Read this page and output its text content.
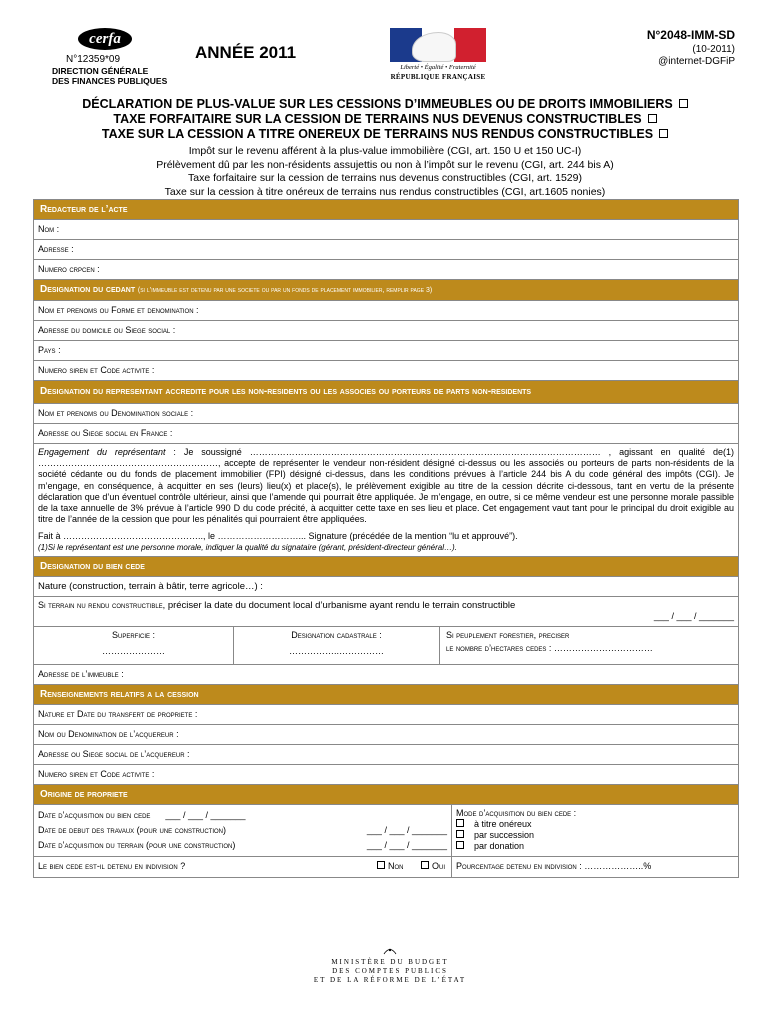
cerfa
N°12359*09
DIRECTION GÉNÉRALE
DES FINANCES PUBLIQUES
ANNÉE 2011
Liberté • Égalité • Fraternité
RÉPUBLIQUE FRANÇAISE
N°2048-IMM-SD
(10-2011)
@internet-DGFiP
DÉCLARATION DE PLUS-VALUE SUR LES CESSIONS D’IMMEUBLES OU DE DROITS IMMOBILIERS
TAXE FORFAITAIRE SUR LA CESSION DE TERRAINS NUS DEVENUS CONSTRUCTIBLES
TAXE SUR LA CESSION A TITRE ONEREUX DE TERRAINS NUS RENDUS CONSTRUCTIBLES
Impôt sur le revenu afférent à la plus-value immobilière (CGI, art. 150 U et 150 UC-I)
Prélèvement dû par les non-résidents assujettis ou non à l’impôt sur le revenu (CGI, art. 244 bis A)
Taxe forfaitaire sur la cession de terrains nus devenus constructibles (CGI, art. 1529)
Taxe sur la cession à titre onéreux de terrains nus rendus constructibles (CGI, art.1605 nonies)
Redacteur de l’acte
Nom :
Adresse :
Numero crpcen :
Designation du cedant (si l’immeuble est detenu par une societe ou par un fonds de placement immobilier, remplir page 3)
Nom et prenoms ou Forme et denomination :
Adresse du domicile ou Siege social :
Pays :
Numero siren et Code activite :
Designation du representant accredite pour les non-residents ou les associes ou porteurs de parts non-residents
Nom et prenoms ou Denomination sociale :
Adresse ou Siege social en France :
Engagement du représentant : Je soussigné ……………………………………………………………………………………………………… , agissant en qualité de(1) ……………………………………………………, accepte de représenter le vendeur non-résident désigné ci-dessus ou les associés ou porteurs de parts non-résidents de la société cédante ou du fonds de placement immobilier (FPI) désigné ci-dessus, dans les conditions prévues à l’article 244 bis A du code général des impôts (CGI). Je m’engage, en conséquence, à acquitter en ses (leurs) lieu(x) et place(s), le prélèvement exigible au titre de la cession décrite ci-dessous, tant en vertu de la présente déclaration que d’un éventuel contrôle ultérieur, ainsi que l’amende qui pourrait être appliquée. Je m’engage, en outre, si ce même vendeur est une personne morale passible de la taxe annuelle de 3% prévue à l’article 990 D du code précité, à acquitter cette taxe en ses lieu et place. Cet engagement vaut tant pour le principal du droit exigible au titre de l’année de la cession que pour les pénalités qui pourraient être appliquées.
Fait à ……………………………………….., le ………………………... Signature (précédée de la mention “lu et approuvé”).
(1)Si le représentant est une personne morale, indiquer la qualité du signataire (gérant, président-directeur général…).
Designation du bien cede
Nature (construction, terrain à bâtir, terre agricole…) :
Si terrain nu rendu constructible, préciser la date du document local d’urbanisme ayant rendu le terrain constructible
___ / ___ / _______
Superficie :
…………………
Designation cadastrale :
……………..……………
Si peuplement forestier, preciser
le nombre d’hectares cedes : ……………………………
Adresse de l’immeuble :
Renseignements relatifs a la cession
Nature et Date du transfert de propriete :
Nom ou Denomination de l’acquereur :
Adresse ou Siege social de l’acquereur :
Numero siren et Code activite :
Origine de propriete
Date d’acquisition du bien cede ___ / ___ / _______
Date de debut des travaux (pour une construction)	___ / ___ / _______
Date d’acquisition du terrain (pour une construction)	___ / ___ / _______
Mode d’acquisition du bien cede :
à titre onéreux
par succession
par donation
Le bien cede est-il detenu en indivision ?	Non	Oui	Pourcentage detenu en indivision : ………………..%
MINISTÈRE DU BUDGET
DES COMPTES PUBLICS
ET DE LA RÉFORME DE L’ÉTAT
